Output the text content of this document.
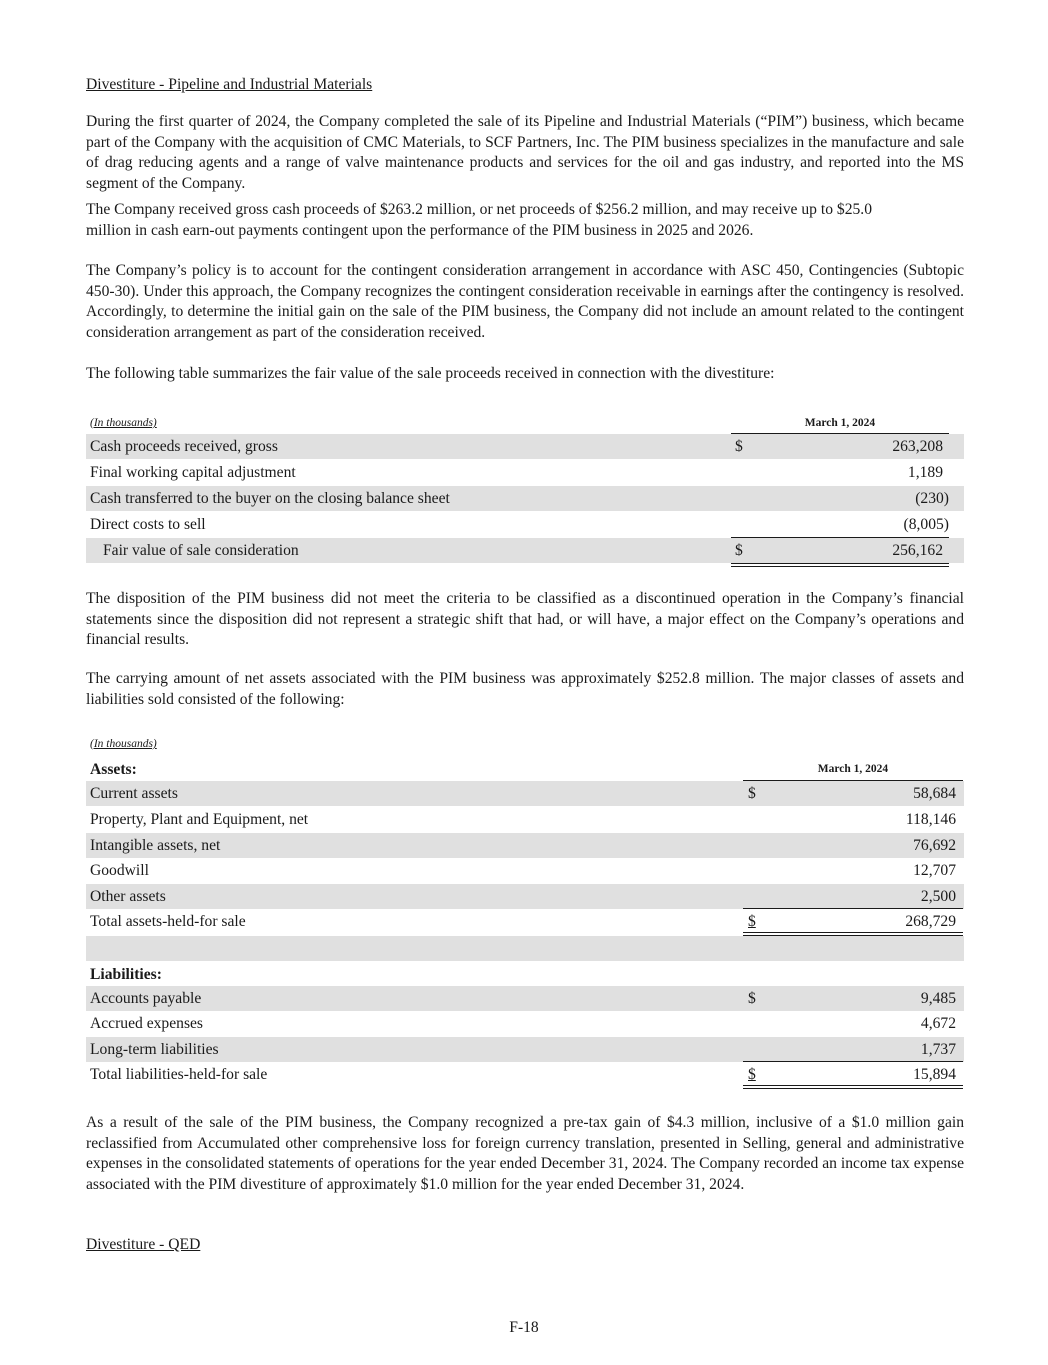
Divestiture - Pipeline and Industrial Materials

During the first quarter of 2024, the Company completed the sale of its Pipeline and Industrial Materials (“PIM”) business, which became part of the Company with the acquisition of CMC Materials, to SCF Partners, Inc. The PIM business specializes in the manufacture and sale of drag reducing agents and a range of valve maintenance products and services for the oil and gas industry, and reported into the MS segment of the Company.

The Company received gross cash proceeds of $263.2 million, or net proceeds of $256.2 million, and may receive up to $25.0 million in cash earn-out payments contingent upon the performance of the PIM business in 2025 and 2026.

The Company’s policy is to account for the contingent consideration arrangement in accordance with ASC 450, Contingencies (Subtopic 450-30). Under this approach, the Company recognizes the contingent consideration receivable in earnings after the contingency is resolved. Accordingly, to determine the initial gain on the sale of the PIM business, the Company did not include an amount related to the contingent consideration arrangement as part of the consideration received.

The following table summarizes the fair value of the sale proceeds received in connection with the divestiture:

(In thousands)	March 1, 2024
Cash proceeds received, gross	$	263,208
Final working capital adjustment	1,189
Cash transferred to the buyer on the closing balance sheet	(230)
Direct costs to sell	(8,005)
Fair value of sale consideration	$	256,162

The disposition of the PIM business did not meet the criteria to be classified as a discontinued operation in the Company’s financial statements since the disposition did not represent a strategic shift that had, or will have, a major effect on the Company’s operations and financial results.

The carrying amount of net assets associated with the PIM business was approximately $252.8 million. The major classes of assets and liabilities sold consisted of the following:

(In thousands)
Assets:	March 1, 2024
Current assets	$	58,684
Property, Plant and Equipment, net	118,146
Intangible assets, net	76,692
Goodwill	12,707
Other assets	2,500
Total assets-held-for sale	$	268,729
Liabilities:
Accounts payable	$	9,485
Accrued expenses	4,672
Long-term liabilities	1,737
Total liabilities-held-for sale	$	15,894

As a result of the sale of the PIM business, the Company recognized a pre-tax gain of $4.3 million, inclusive of a $1.0 million gain reclassified from Accumulated other comprehensive loss for foreign currency translation, presented in Selling, general and administrative expenses in the consolidated statements of operations for the year ended December 31, 2024. The Company recorded an income tax expense associated with the PIM divestiture of approximately $1.0 million for the year ended December 31, 2024.

Divestiture - QED
F-18
